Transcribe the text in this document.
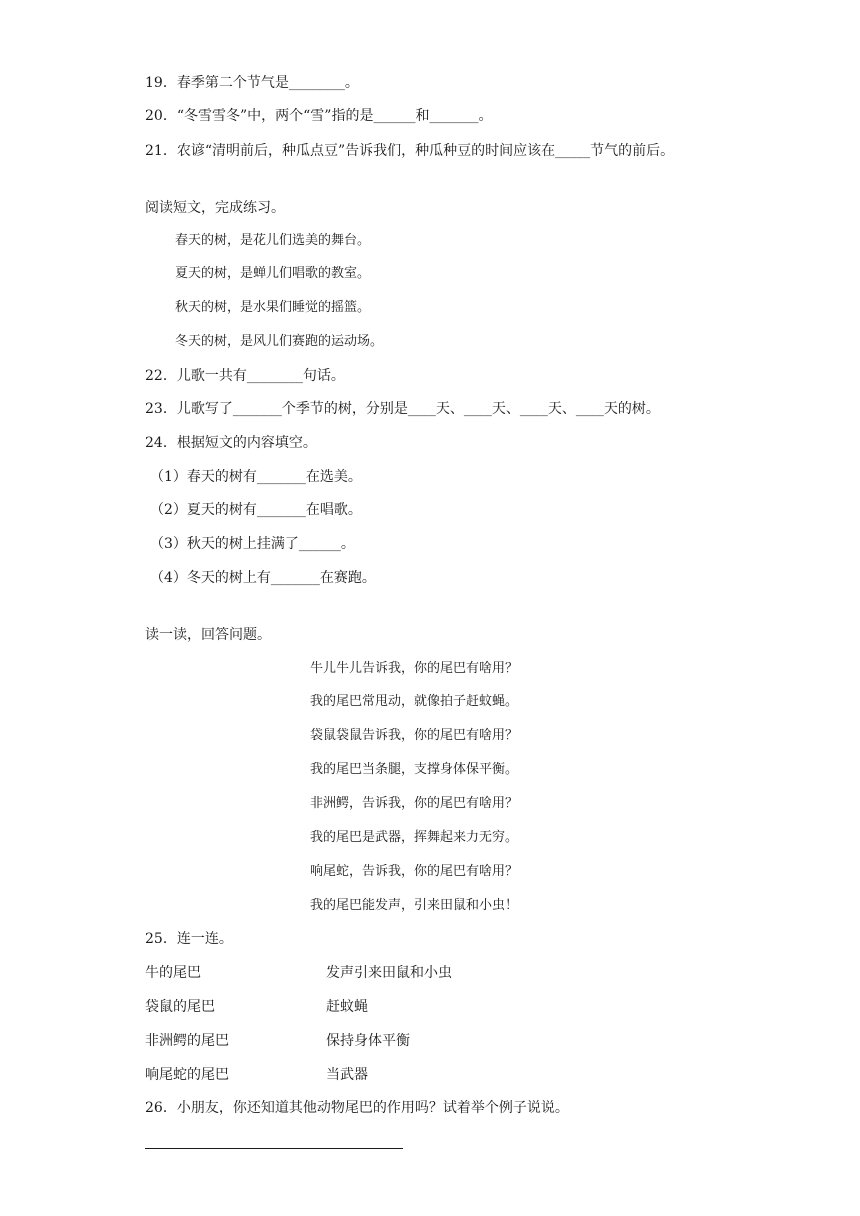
19．春季第二个节气是________。
20．“冬雪雪冬”中，两个“雪”指的是______和_______。
21．农谚“清明前后，种瓜点豆”告诉我们，种瓜种豆的时间应该在_____节气的前后。
阅读短文，完成练习。
春天的树，是花儿们选美的舞台。
夏天的树，是蝉儿们唱歌的教室。
秋天的树，是水果们睡觉的摇篮。
冬天的树，是风儿们赛跑的运动场。
22．儿歌一共有________句话。
23．儿歌写了_______个季节的树，分别是____天、____天、____天、____天的树。
24．根据短文的内容填空。
（1）春天的树有_______在选美。
（2）夏天的树有_______在唱歌。
（3）秋天的树上挂满了______。
（4）冬天的树上有_______在赛跑。
读一读，回答问题。
牛儿牛儿告诉我，你的尾巴有啥用？
我的尾巴常甩动，就像拍子赶蚊蝇。
袋鼠袋鼠告诉我，你的尾巴有啥用？
我的尾巴当条腿，支撑身体保平衡。
非洲鳄，告诉我，你的尾巴有啥用？
我的尾巴是武器，挥舞起来力无穷。
响尾蛇，告诉我，你的尾巴有啥用？
我的尾巴能发声，引来田鼠和小虫！
25．连一连。
牛的尾巴	发声引来田鼠和小虫
袋鼠的尾巴	赶蚊蝇
非洲鳄的尾巴	保持身体平衡
响尾蛇的尾巴	当武器
26．小朋友，你还知道其他动物尾巴的作用吗？试着举个例子说说。
